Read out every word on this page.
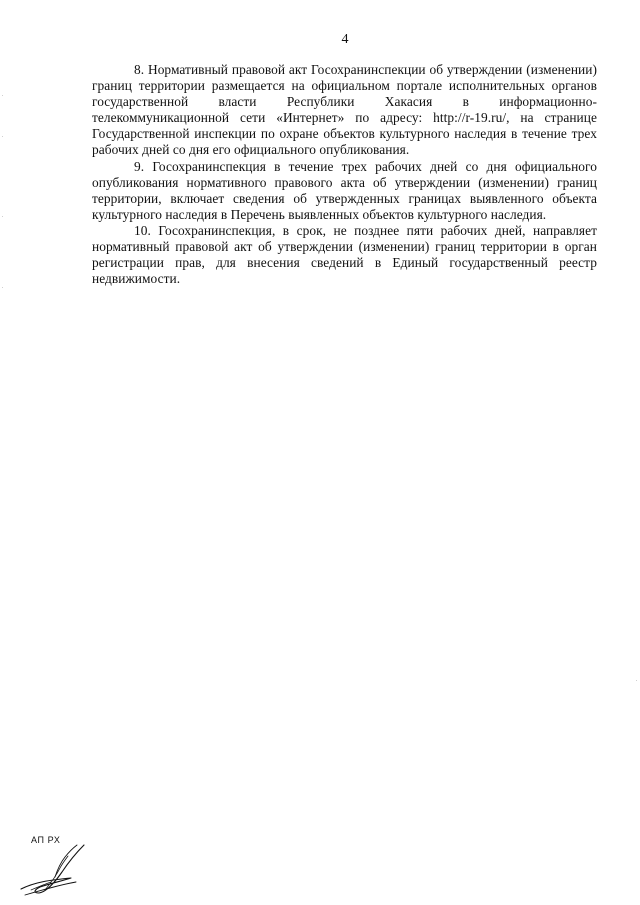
4

8. Нормативный правовой акт Госохранинспекции об утверждении (изменении) границ территории размещается на официальном портале исполнительных органов государственной власти Республики Хакасия в информационно-телекоммуникационной сети «Интернет» по адресу: http://r-19.ru/, на странице Государственной инспекции по охране объектов культурного наследия в течение трех рабочих дней со дня его официального опубликования.

9. Госохранинспекция в течение трех рабочих дней со дня официального опубликования нормативного правового акта об утверждении (изменении) границ территории, включает сведения об утвержденных границах выявленного объекта культурного наследия в Перечень выявленных объектов культурного наследия.

10. Госохранинспекция, в срок, не позднее пяти рабочих дней, направляет нормативный правовой акт об утверждении (изменении) границ территории в орган регистрации прав, для внесения сведений в Единый государственный реестр недвижимости.

АП РХ
